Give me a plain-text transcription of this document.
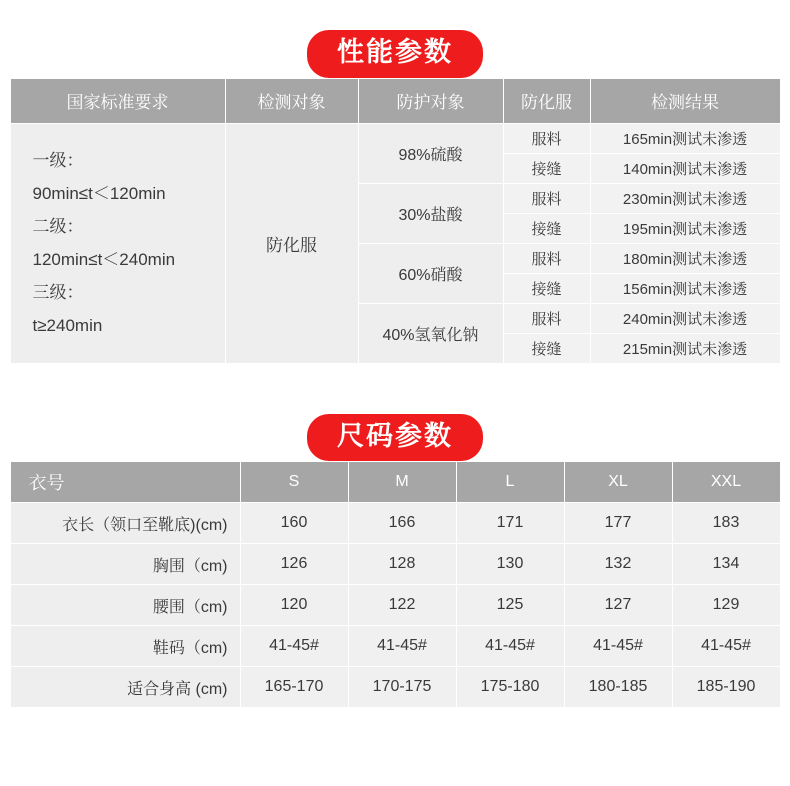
性能参数
国家标准要求	检测对象	防护对象	防化服	检测结果

一级：
90min≤t＜120min
二级：
120min≤t＜240min
三级：
t≥240min
	防化服	98%硫酸	服料	165min测试未渗透
			接缝	140min测试未渗透
		30%盐酸	服料	230min测试未渗透
			接缝	195min测试未渗透
		60%硝酸	服料	180min测试未渗透
			接缝	156min测试未渗透
		40%氢氧化钠	服料	240min测试未渗透
			接缝	215min测试未渗透
尺码参数
衣号	S	M	L	XL	XXL
衣长（领口至靴底)(cm)	160	166	171	177	183
胸围（cm)	126	128	130	132	134
腰围（cm)	120	122	125	127	129
鞋码（cm)	41-45#	41-45#	41-45#	41-45#	41-45#
适合身高 (cm)	165-170	170-175	175-180	180-185	185-190
